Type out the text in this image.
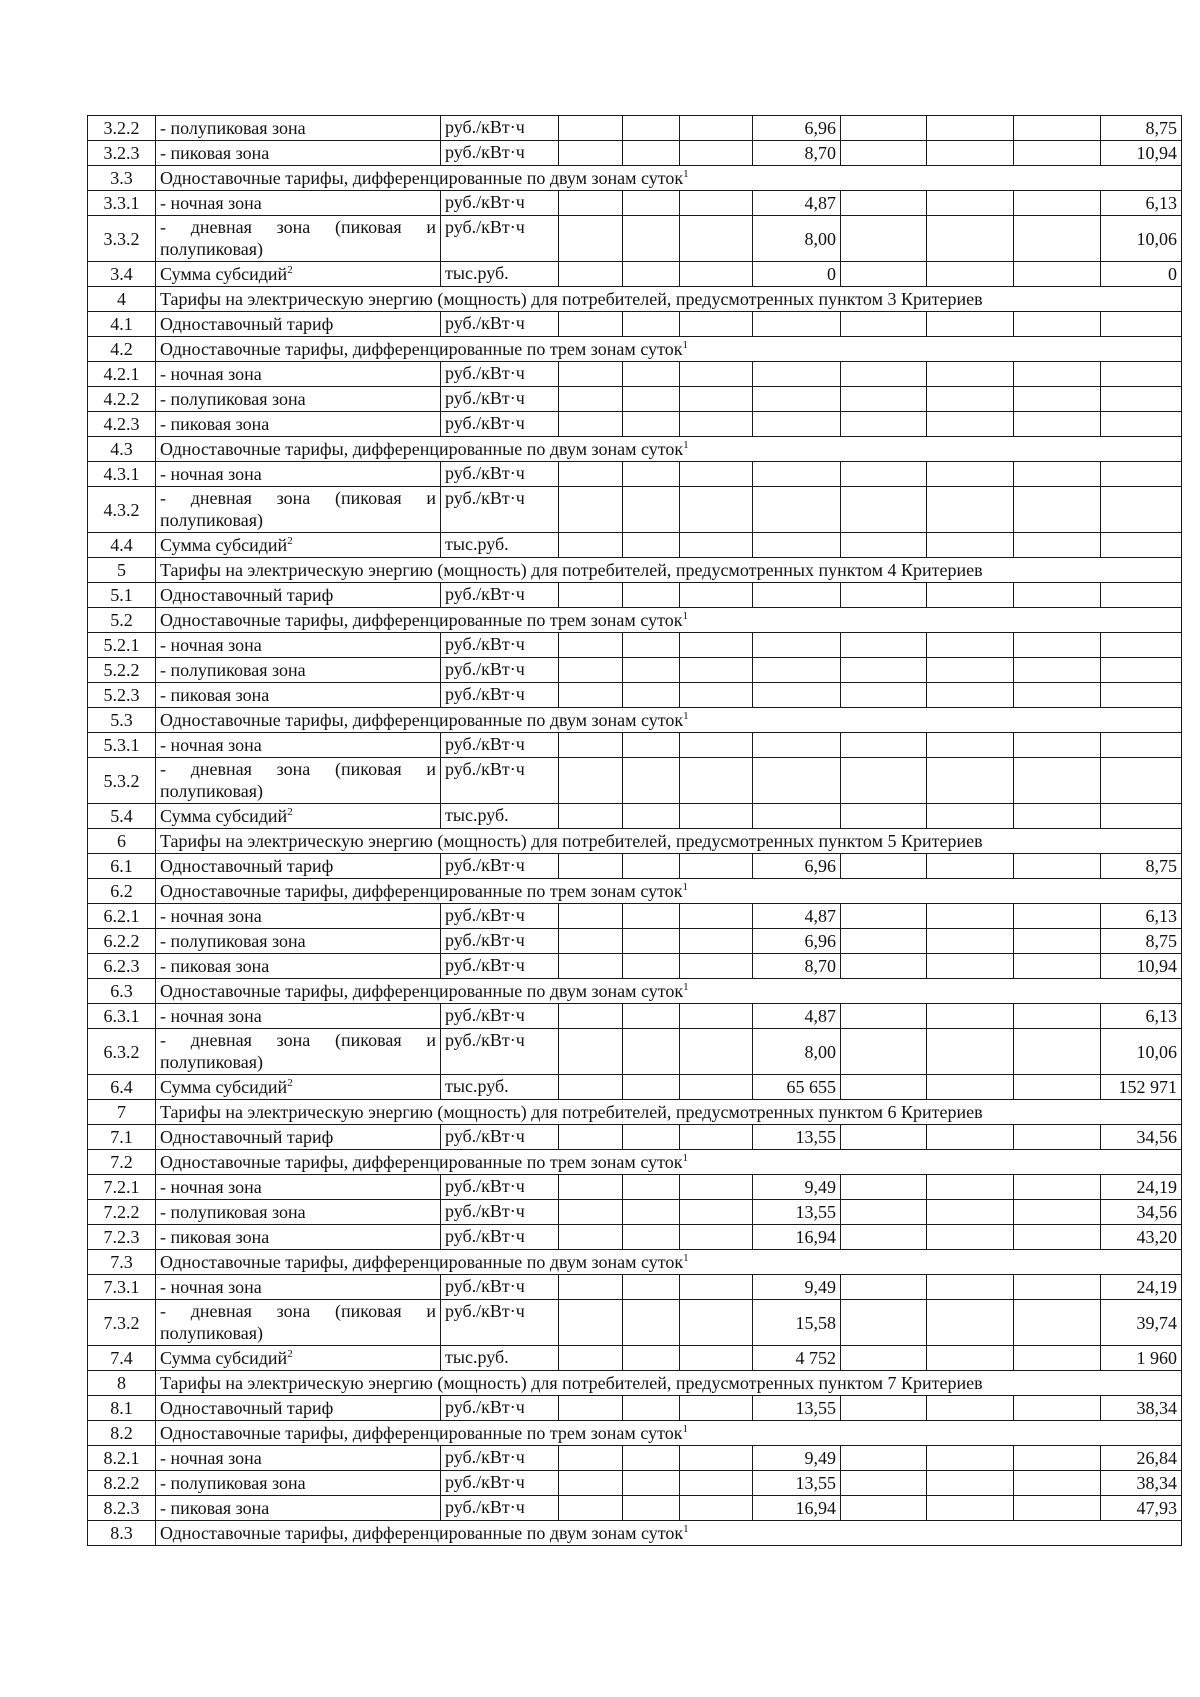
3.2.2	- полупиковая зона	руб./кВт·ч				6,96				8,75
3.2.3	- пиковая зона	руб./кВт·ч				8,70				10,94
3.3	Одноставочные тарифы, дифференцированные по двум зонам суток$^1$
3.3.1	- ночная зона	руб./кВт·ч				4,87				6,13
3.3.2	- дневная зона (пиковая и полупиковая)	руб./кВт·ч				8,00				10,06
3.4	Сумма субсидий$^2$	тыс.руб.				0				0
4	Тарифы на электрическую энергию (мощность) для потребителей, предусмотренных пунктом 3 Критериев									
4.1	Одноставочный тариф	руб./кВт·ч								
4.2	Одноставочные тарифы, дифференцированные по трем зонам суток$^1$
4.2.1	- ночная зона	руб./кВт·ч								
4.2.2	- полупиковая зона	руб./кВт·ч								
4.2.3	- пиковая зона	руб./кВт·ч								
4.3	Одноставочные тарифы, дифференцированные по двум зонам суток$^1$
4.3.1	- ночная зона	руб./кВт·ч								
4.3.2	- дневная зона (пиковая и полупиковая)	руб./кВт·ч								
4.4	Сумма субсидий$^2$	тыс.руб.								
5	Тарифы на электрическую энергию (мощность) для потребителей, предусмотренных пунктом 4 Критериев									
5.1	Одноставочный тариф	руб./кВт·ч								
5.2	Одноставочные тарифы, дифференцированные по трем зонам суток$^1$
5.2.1	- ночная зона	руб./кВт·ч								
5.2.2	- полупиковая зона	руб./кВт·ч								
5.2.3	- пиковая зона	руб./кВт·ч								
5.3	Одноставочные тарифы, дифференцированные по двум зонам суток$^1$
5.3.1	- ночная зона	руб./кВт·ч								
5.3.2	- дневная зона (пиковая и полупиковая)	руб./кВт·ч								
5.4	Сумма субсидий$^2$	тыс.руб.								
6	Тарифы на электрическую энергию (мощность) для потребителей, предусмотренных пунктом 5 Критериев									
6.1	Одноставочный тариф	руб./кВт·ч				6,96				8,75
6.2	Одноставочные тарифы, дифференцированные по трем зонам суток$^1$
6.2.1	- ночная зона	руб./кВт·ч				4,87				6,13
6.2.2	- полупиковая зона	руб./кВт·ч				6,96				8,75
6.2.3	- пиковая зона	руб./кВт·ч				8,70				10,94
6.3	Одноставочные тарифы, дифференцированные по двум зонам суток$^1$
6.3.1	- ночная зона	руб./кВт·ч				4,87				6,13
6.3.2	- дневная зона (пиковая и полупиковая)	руб./кВт·ч				8,00				10,06
6.4	Сумма субсидий$^2$	тыс.руб.				65 655				152 971
7	Тарифы на электрическую энергию (мощность) для потребителей, предусмотренных пунктом 6 Критериев									
7.1	Одноставочный тариф	руб./кВт·ч				13,55				34,56
7.2	Одноставочные тарифы, дифференцированные по трем зонам суток$^1$
7.2.1	- ночная зона	руб./кВт·ч				9,49				24,19
7.2.2	- полупиковая зона	руб./кВт·ч				13,55				34,56
7.2.3	- пиковая зона	руб./кВт·ч				16,94				43,20
7.3	Одноставочные тарифы, дифференцированные по двум зонам суток$^1$
7.3.1	- ночная зона	руб./кВт·ч				9,49				24,19
7.3.2	- дневная зона (пиковая и полупиковая)	руб./кВт·ч				15,58				39,74
7.4	Сумма субсидий$^2$	тыс.руб.				4 752				1 960
8	Тарифы на электрическую энергию (мощность) для потребителей, предусмотренных пунктом 7 Критериев									
8.1	Одноставочный тариф	руб./кВт·ч				13,55				38,34
8.2	Одноставочные тарифы, дифференцированные по трем зонам суток$^1$
8.2.1	- ночная зона	руб./кВт·ч				9,49				26,84
8.2.2	- полупиковая зона	руб./кВт·ч				13,55				38,34
8.2.3	- пиковая зона	руб./кВт·ч				16,94				47,93
8.3	Одноставочные тарифы, дифференцированные по двум зонам суток$^1$
